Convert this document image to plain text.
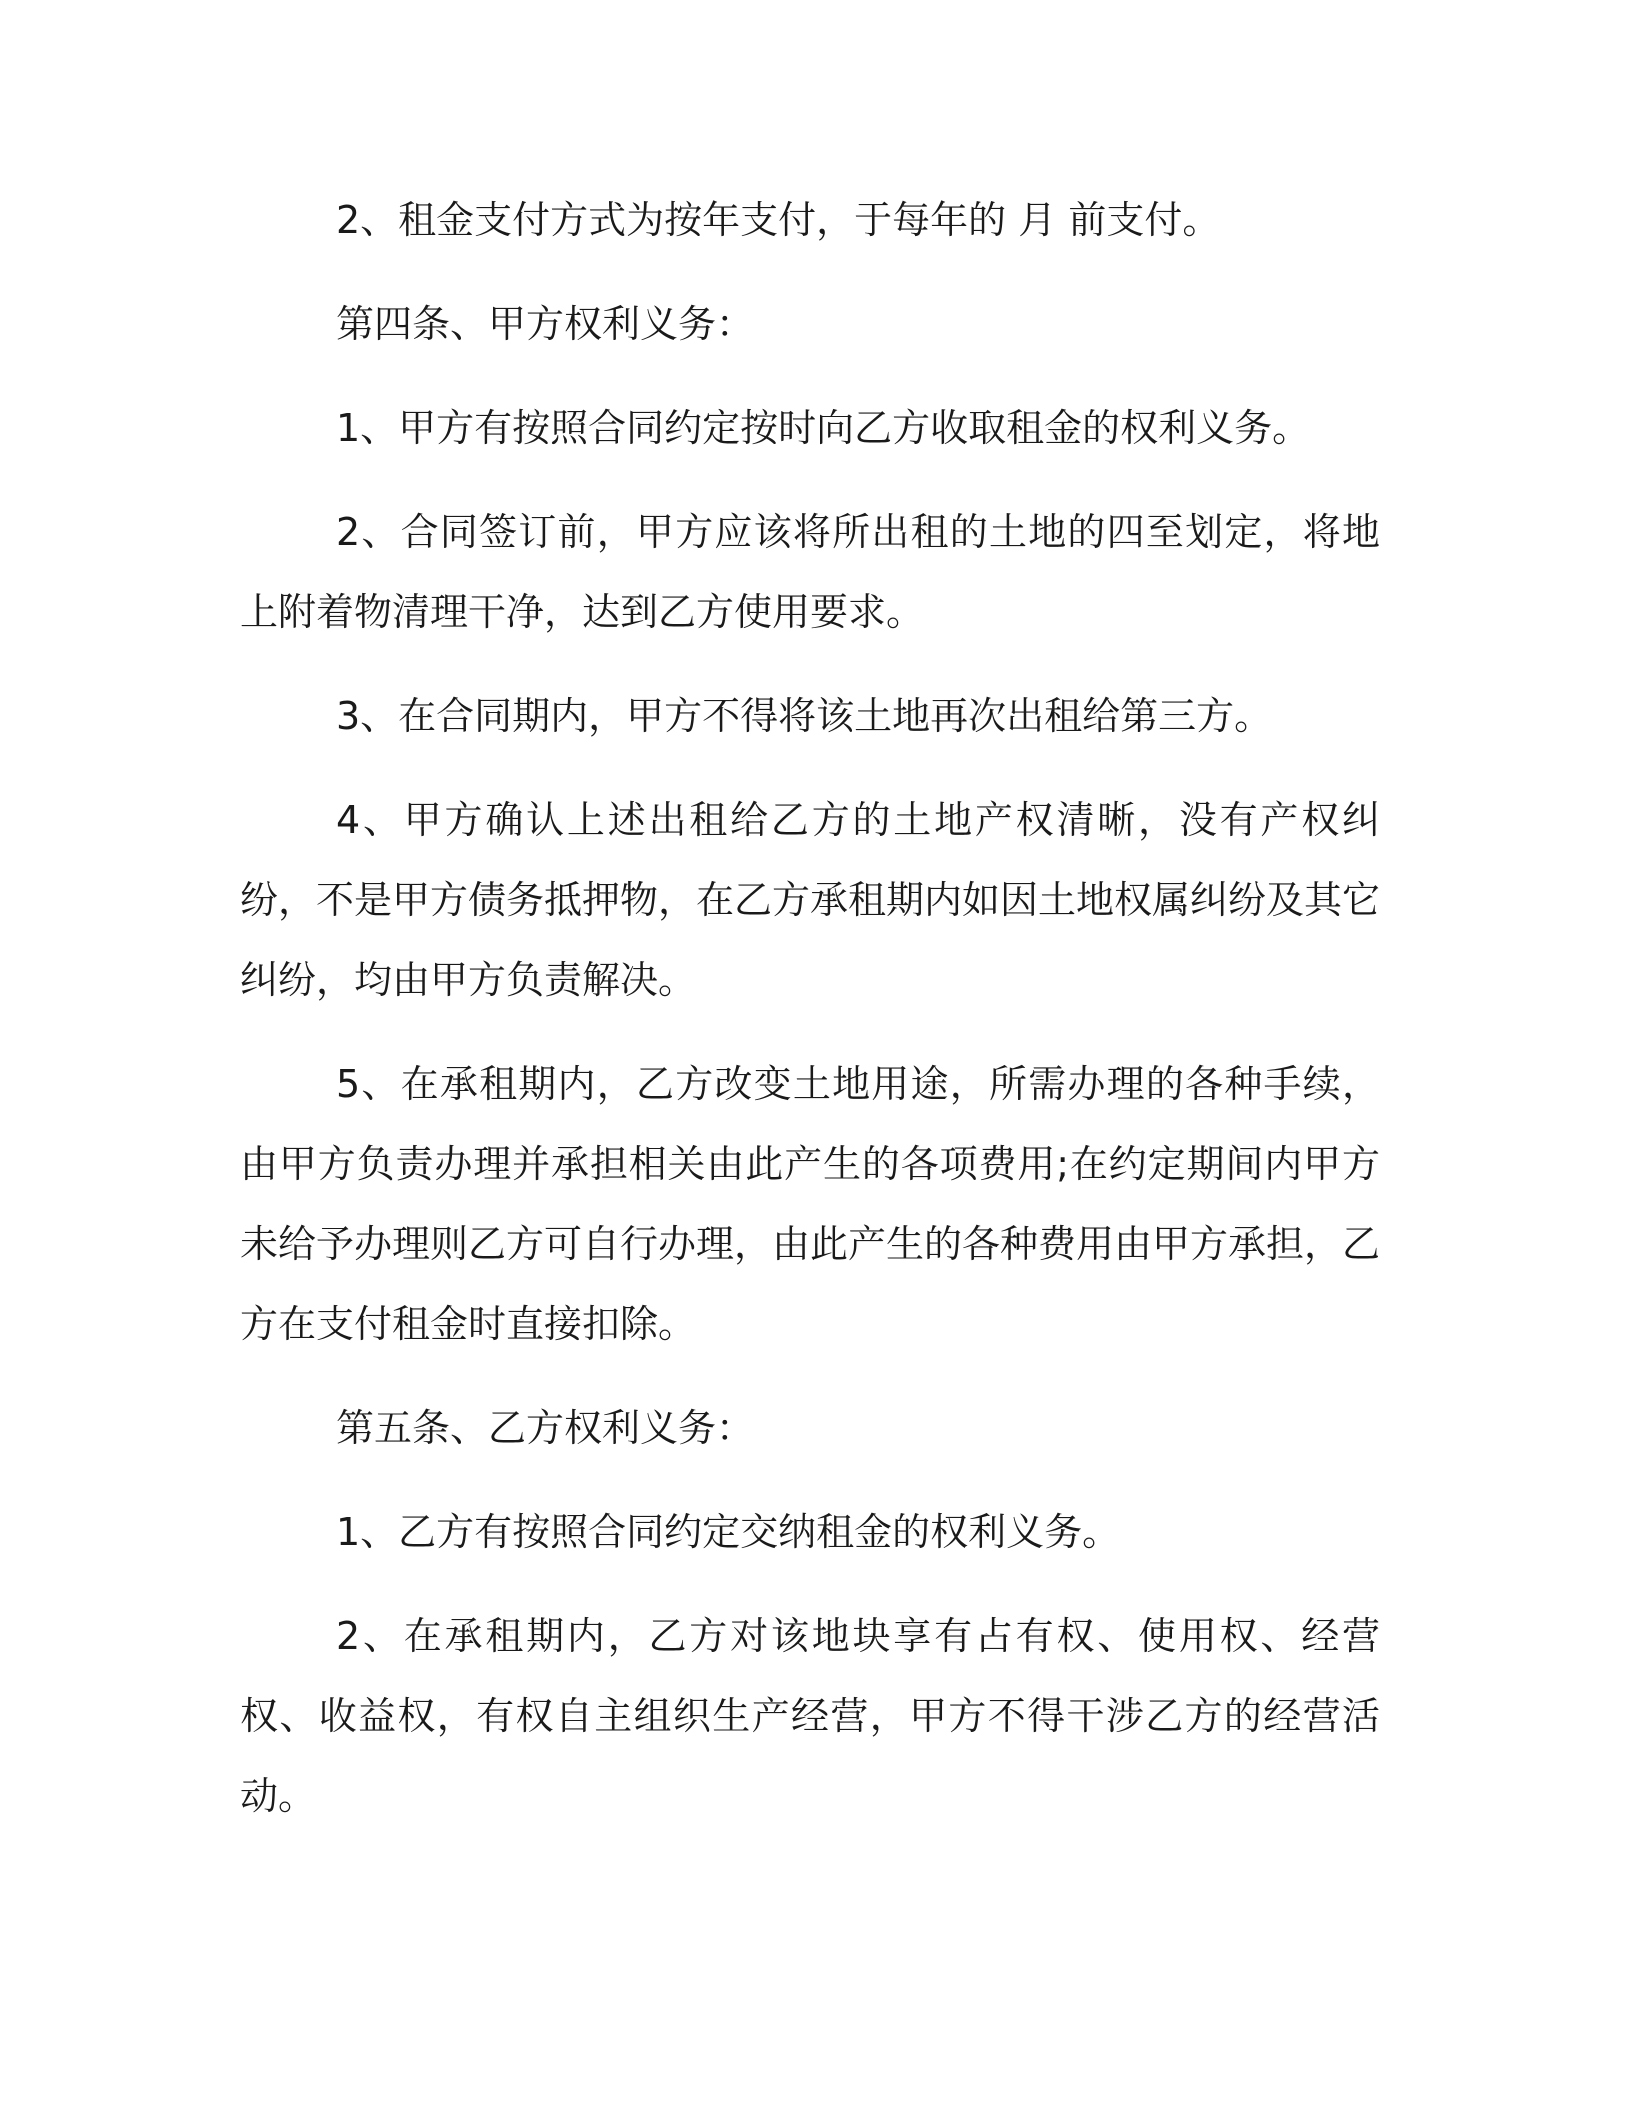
2、租金支付方式为按年支付，于每年的 月 前支付。

第四条、甲方权利义务：

1、甲方有按照合同约定按时向乙方收取租金的权利义务。

2、合同签订前，甲方应该将所出租的土地的四至划定，将地上附着物清理干净，达到乙方使用要求。

3、在合同期内，甲方不得将该土地再次出租给第三方。

4、甲方确认上述出租给乙方的土地产权清晰，没有产权纠纷，不是甲方债务抵押物，在乙方承租期内如因土地权属纠纷及其它纠纷，均由甲方负责解决。

5、在承租期内，乙方改变土地用途，所需办理的各种手续，由甲方负责办理并承担相关由此产生的各项费用;在约定期间内甲方未给予办理则乙方可自行办理，由此产生的各种费用由甲方承担，乙方在支付租金时直接扣除。

第五条、乙方权利义务：

1、乙方有按照合同约定交纳租金的权利义务。

2、在承租期内，乙方对该地块享有占有权、使用权、经营权、收益权，有权自主组织生产经营，甲方不得干涉乙方的经营活动。
